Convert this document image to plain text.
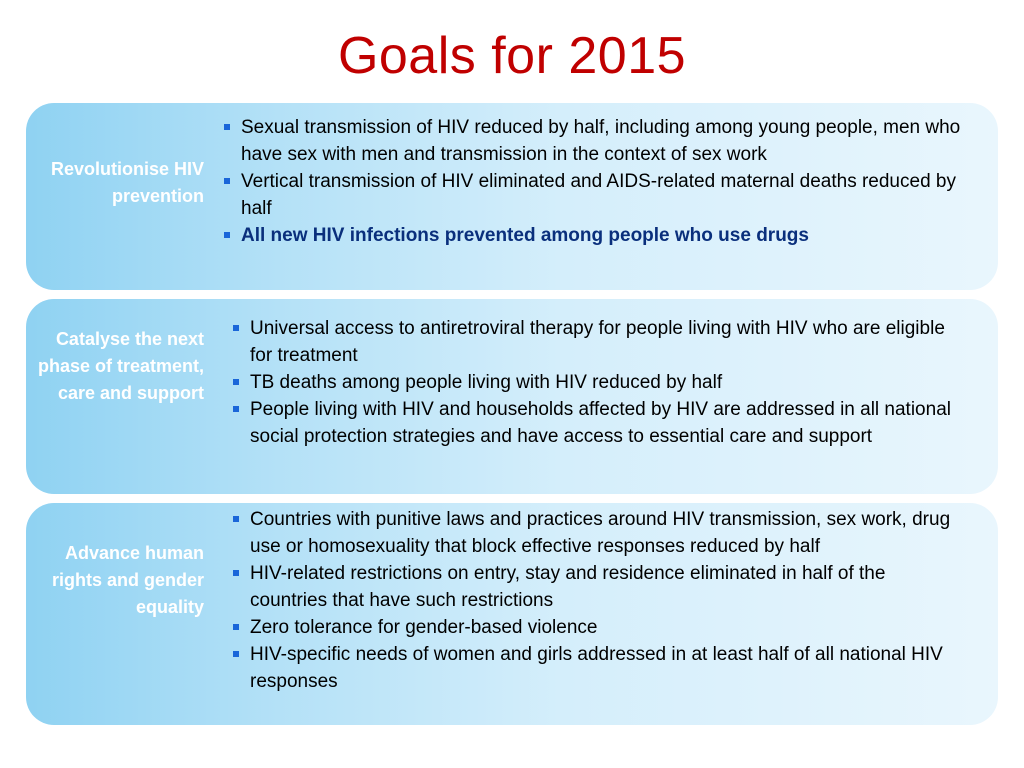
Goals for 2015
Revolutionise HIV prevention
Sexual transmission of HIV reduced by half, including among young people, men who have sex with men and transmission in the context of sex work
Vertical transmission of HIV eliminated and AIDS-related maternal deaths reduced by half
All new HIV infections prevented among people who use drugs
Catalyse the next phase of treatment, care and support
Universal access to antiretroviral therapy for people living with HIV who are eligible for treatment
TB deaths among people living with HIV reduced by half
People living with HIV and households affected by HIV are addressed in all national social protection strategies and have access to essential care and support
Advance human rights and gender equality
Countries with punitive laws and practices around HIV transmission, sex work, drug use or homosexuality that block effective responses reduced by half
HIV-related restrictions on entry, stay and residence eliminated in half of the countries that have such restrictions
Zero tolerance for gender-based violence
HIV-specific needs of women and girls addressed in at least half of all national HIV responses
